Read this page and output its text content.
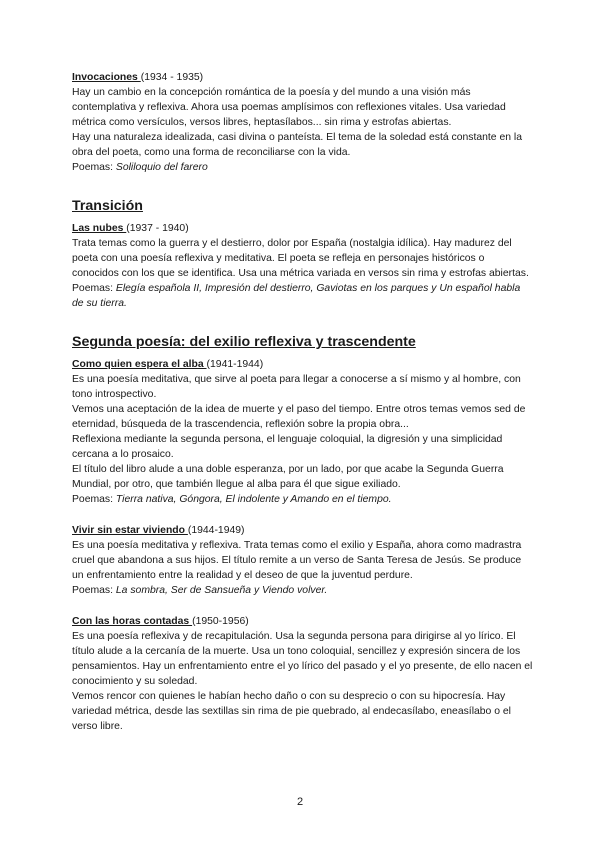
Invocaciones (1934 - 1935)

Hay un cambio en la concepción romántica de la poesía y del mundo a una visión más contemplativa y reflexiva. Ahora usa poemas amplísimos con reflexiones vitales. Usa variedad métrica como versículos, versos libres, heptasílabos... sin rima y estrofas abiertas.

Hay una naturaleza idealizada, casi divina o panteísta. El tema de la soledad está constante en la obra del poeta, como una forma de reconciliarse con la vida.

Poemas: Soliloquio del farero

Transición

Las nubes (1937 - 1940)

Trata temas como la guerra y el destierro, dolor por España (nostalgia idílica). Hay madurez del poeta con una poesía reflexiva y meditativa. El poeta se refleja en personajes históricos o conocidos con los que se identifica. Usa una métrica variada en versos sin rima y estrofas abiertas.

Poemas: Elegía española II, Impresión del destierro, Gaviotas en los parques y Un español habla de su tierra.

Segunda poesía: del exilio reflexiva y trascendente

Como quien espera el alba (1941-1944)

Es una poesía meditativa, que sirve al poeta para llegar a conocerse a sí mismo y al hombre, con tono introspectivo.

Vemos una aceptación de la idea de muerte y el paso del tiempo. Entre otros temas vemos sed de eternidad, búsqueda de la trascendencia, reflexión sobre la propia obra...

Reflexiona mediante la segunda persona, el lenguaje coloquial, la digresión y una simplicidad cercana a lo prosaico.

El título del libro alude a una doble esperanza, por un lado, por que acabe la Segunda Guerra Mundial, por otro, que también llegue al alba para él que sigue exiliado.

Poemas: Tierra nativa, Góngora, El indolente y Amando en el tiempo.

Vivir sin estar viviendo (1944-1949)

Es una poesía meditativa y reflexiva. Trata temas como el exilio y España, ahora como madrastra cruel que abandona a sus hijos. El título remite a un verso de Santa Teresa de Jesús. Se produce un enfrentamiento entre la realidad y el deseo de que la juventud perdure.

Poemas: La sombra, Ser de Sansueña y Viendo volver.

Con las horas contadas (1950-1956)

Es una poesía reflexiva y de recapitulación. Usa la segunda persona para dirigirse al yo lírico. El título alude a la cercanía de la muerte. Usa un tono coloquial, sencillez y expresión sincera de los pensamientos. Hay un enfrentamiento entre el yo lírico del pasado y el yo presente, de ello nacen el conocimiento y su soledad.

Vemos rencor con quienes le habían hecho daño o con su desprecio o con su hipocresía. Hay variedad métrica, desde las sextillas sin rima de pie quebrado, al endecasílabo, eneasílabo o el verso libre.

2
